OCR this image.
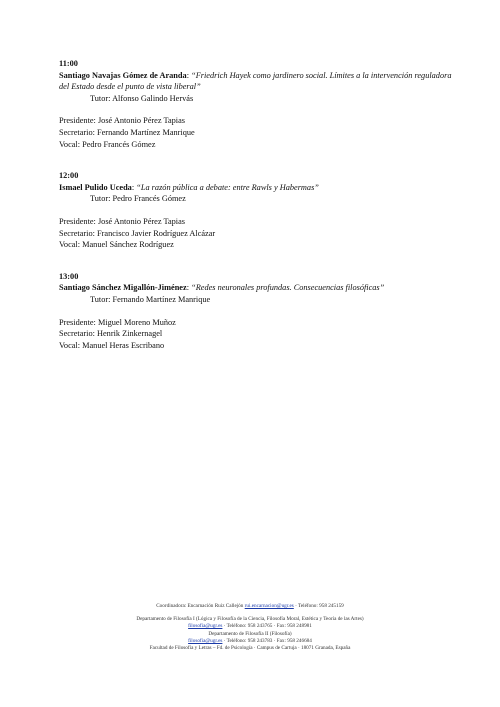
11:00

Santiago Navajas Gómez de Aranda: “Friedrich Hayek como jardinero social. Límites a la intervención reguladora del Estado desde el punto de vista liberal”

Tutor: Alfonso Galindo Hervás
Presidente: José Antonio Pérez Tapias
Secretario: Fernando Martínez Manrique
Vocal: Pedro Francés Gómez
12:00

Ismael Pulido Uceda: “La razón pública a debate: entre Rawls y Habermas”

Tutor: Pedro Francés Gómez
Presidente: José Antonio Pérez Tapias
Secretario: Francisco Javier Rodríguez Alcázar
Vocal: Manuel Sánchez Rodríguez
13:00

Santiago Sánchez Migallón-Jiménez: “Redes neuronales profundas. Consecuencias filosóficas”

Tutor: Fernando Martínez Manrique
Presidente: Miguel Moreno Muñoz
Secretario: Henrik Zinkernagel
Vocal: Manuel Heras Escribano
Coordinadora: Encarnación Ruiz Callejón rui.encarnacion@ugr.es · Teléfono: 958 245159
Departamento de Filosofía I (Lógica y Filosofía de la Ciencia, Filosofía Moral, Estética y Teoría de las Artes)
filosofia@ugr.es · Teléfono: 958 243765 · Fax: 958 248981
Departamento de Filosofía II (Filosofía)
filosofia@ugr.es · Teléfono: 958 243783 · Fax: 958 246684
Facultad de Filosofía y Letras – Fd. de Psicología · Campus de Cartuja · 18071 Granada, España
